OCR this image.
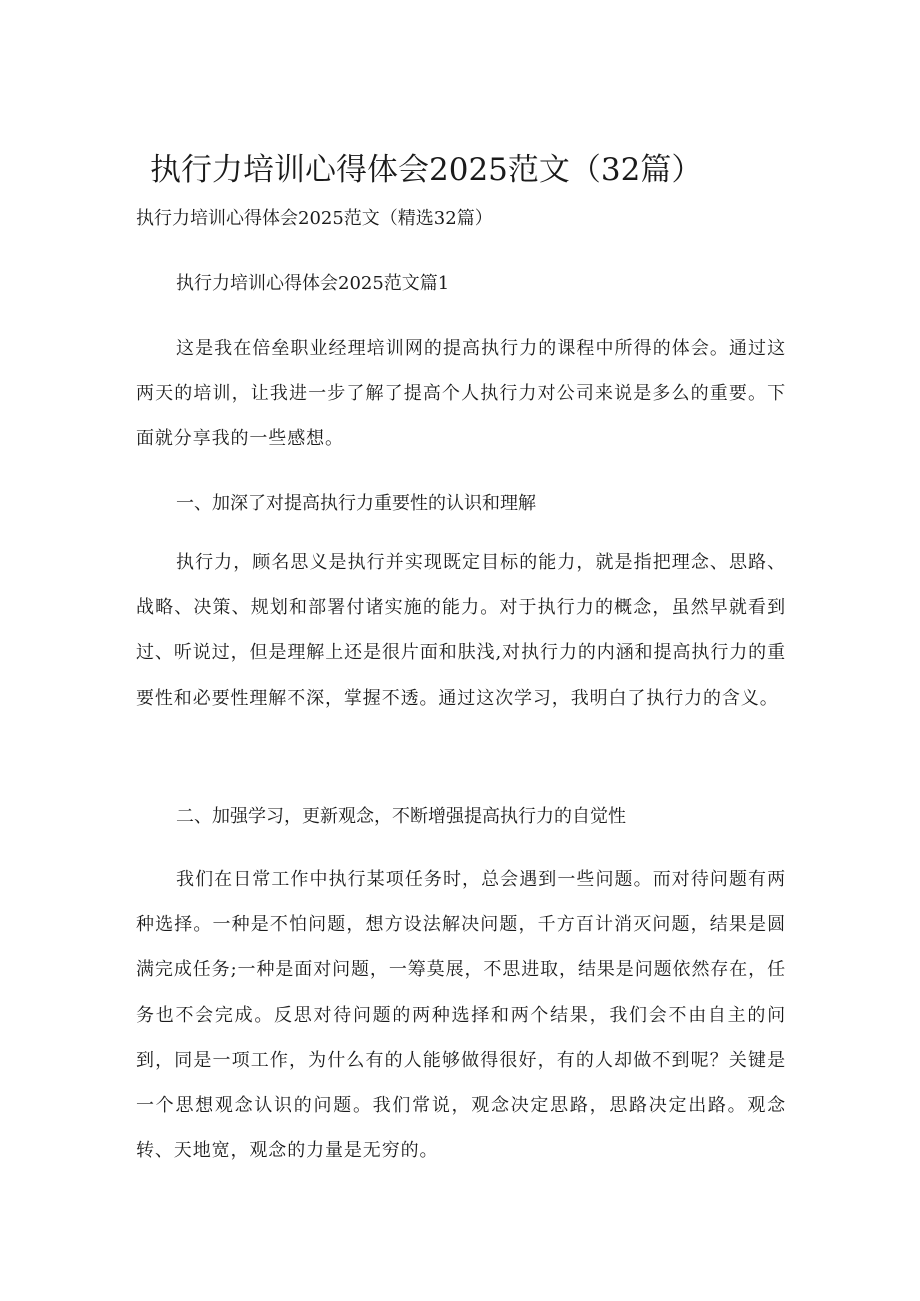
执行力培训心得体会2025范文（32篇）
执行力培训心得体会2025范文（精选32篇）
执行力培训心得体会2025范文篇1
这是我在倍垒职业经理培训网的提高执行力的课程中所得的体会。通过这两天的培训，让我进一步了解了提高个人执行力对公司来说是多么的重要。下面就分享我的一些感想。
一、加深了对提高执行力重要性的认识和理解
执行力，顾名思义是执行并实现既定目标的能力，就是指把理念、思路、战略、决策、规划和部署付诸实施的能力。对于执行力的概念，虽然早就看到过、听说过，但是理解上还是很片面和肤浅,对执行力的内涵和提高执行力的重要性和必要性理解不深，掌握不透。通过这次学习，我明白了执行力的含义。
二、加强学习，更新观念，不断增强提高执行力的自觉性
我们在日常工作中执行某项任务时，总会遇到一些问题。而对待问题有两种选择。一种是不怕问题，想方设法解决问题，千方百计消灭问题，结果是圆满完成任务;一种是面对问题，一筹莫展，不思进取，结果是问题依然存在，任务也不会完成。反思对待问题的两种选择和两个结果，我们会不由自主的问到，同是一项工作，为什么有的人能够做得很好，有的人却做不到呢？关键是一个思想观念认识的问题。我们常说，观念决定思路，思路决定出路。观念转、天地宽，观念的力量是无穷的。
